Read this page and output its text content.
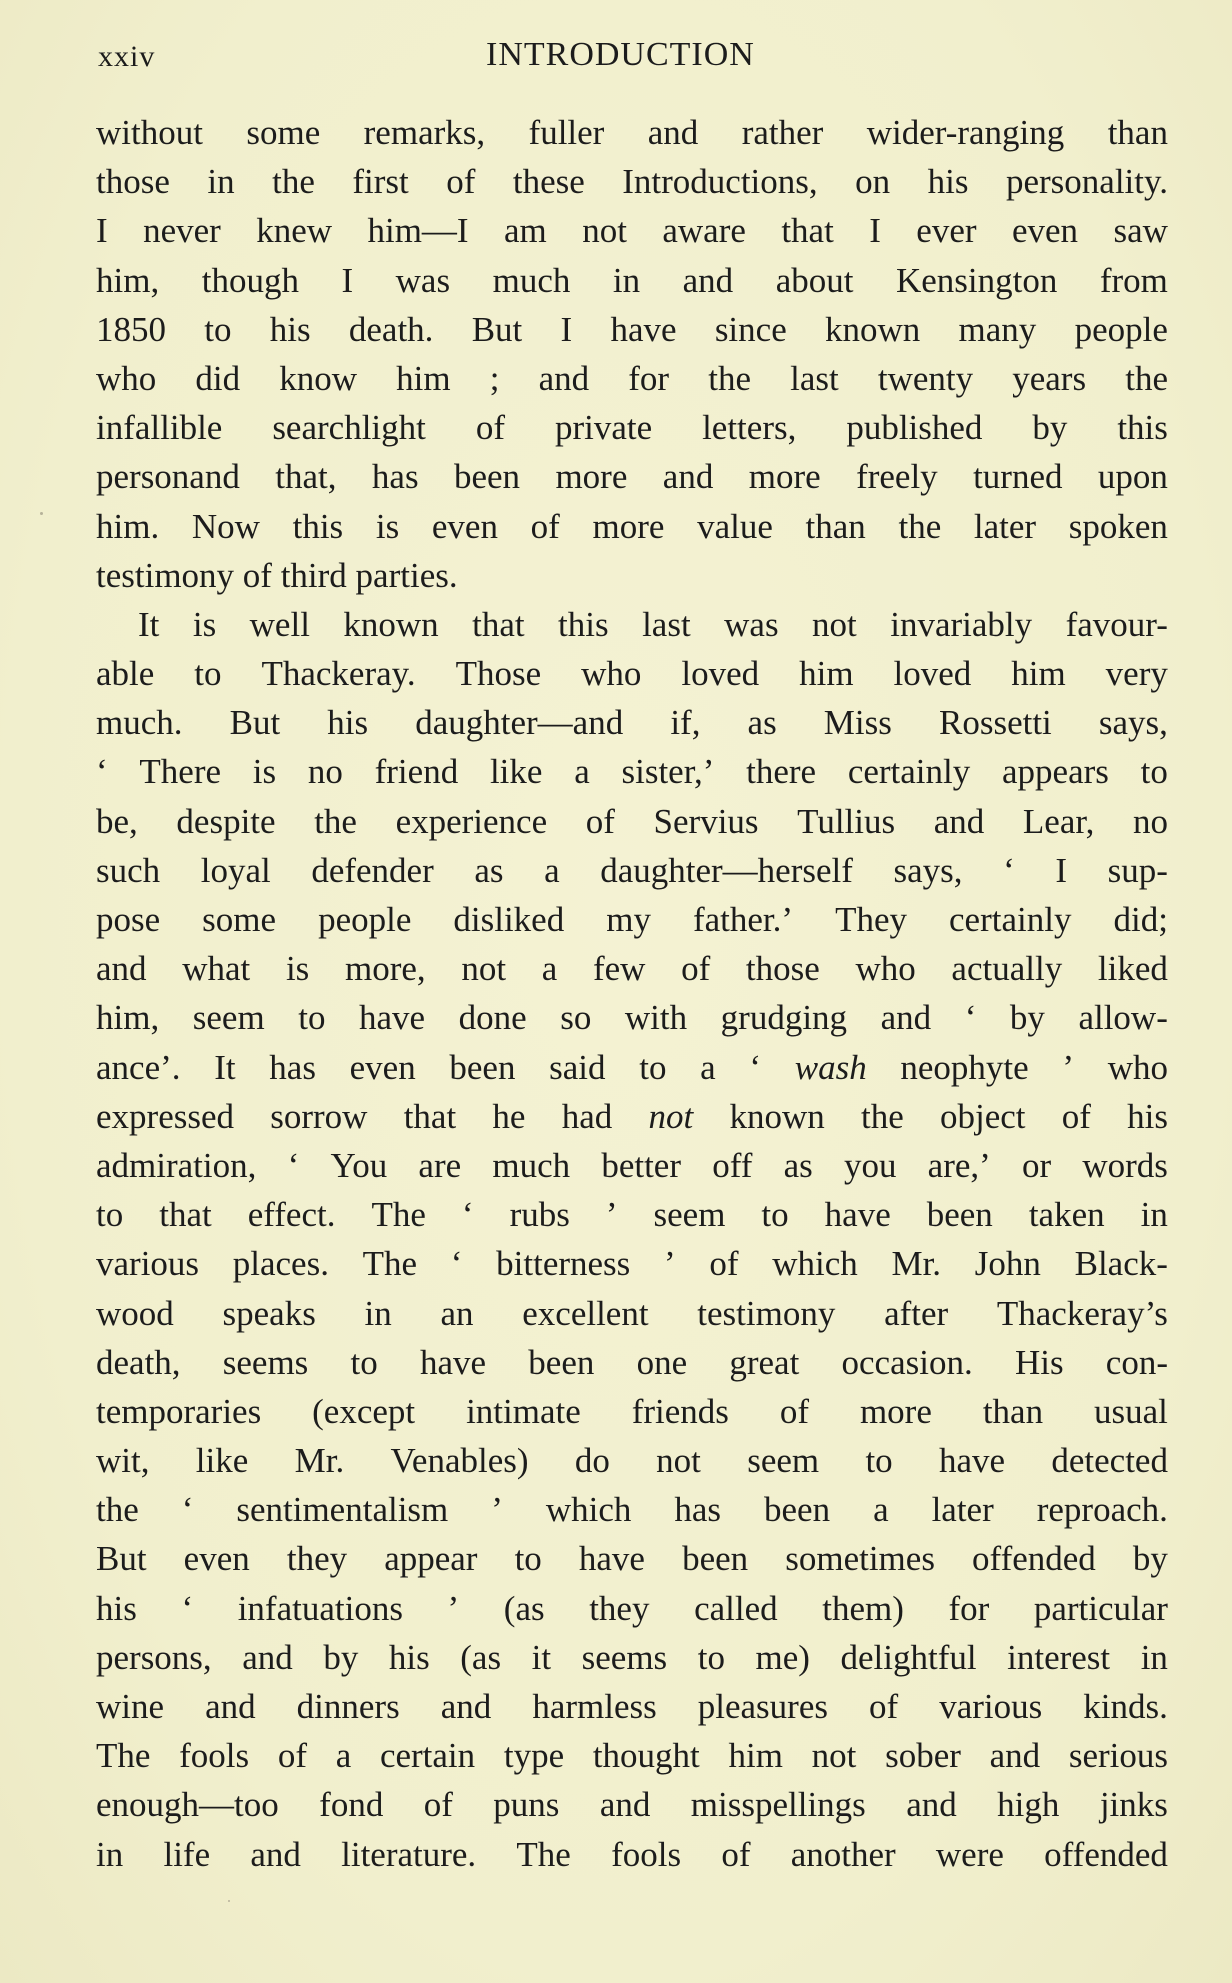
xxiv	INTRODUCTION
without some remarks, fuller and rather wider-ranging than
those in the first of these Introductions, on his personality.
I never knew him—I am not aware that I ever even saw
him, though I was much in and about Kensington from
1850 to his death. But I have since known many people
who did know him ; and for the last twenty years the
infallible searchlight of private letters, published by this
personand that, has been more and more freely turned upon
him. Now this is even of more value than the later spoken
testimony of third parties.
It is well known that this last was not invariably favour-
able to Thackeray. Those who loved him loved him very
much. But his daughter—and if, as Miss Rossetti says,
‘ There is no friend like a sister,’ there certainly appears to
be, despite the experience of Servius Tullius and Lear, no
such loyal defender as a daughter—herself says, ‘ I sup-
pose some people disliked my father.’ They certainly did;
and what is more, not a few of those who actually liked
him, seem to have done so with grudging and ‘ by allow-
ance’. It has even been said to a ‘ wash neophyte ’ who
expressed sorrow that he had not known the object of his
admiration, ‘ You are much better off as you are,’ or words
to that effect. The ‘ rubs ’ seem to have been taken in
various places. The ‘ bitterness ’ of which Mr. John Black-
wood speaks in an excellent testimony after Thackeray’s
death, seems to have been one great occasion. His con-
temporaries (except intimate friends of more than usual
wit, like Mr. Venables) do not seem to have detected
the ‘ sentimentalism ’ which has been a later reproach.
But even they appear to have been sometimes offended by
his ‘ infatuations ’ (as they called them) for particular
persons, and by his (as it seems to me) delightful interest in
wine and dinners and harmless pleasures of various kinds.
The fools of a certain type thought him not sober and serious
enough—too fond of puns and misspellings and high jinks
in life and literature. The fools of another were offended
